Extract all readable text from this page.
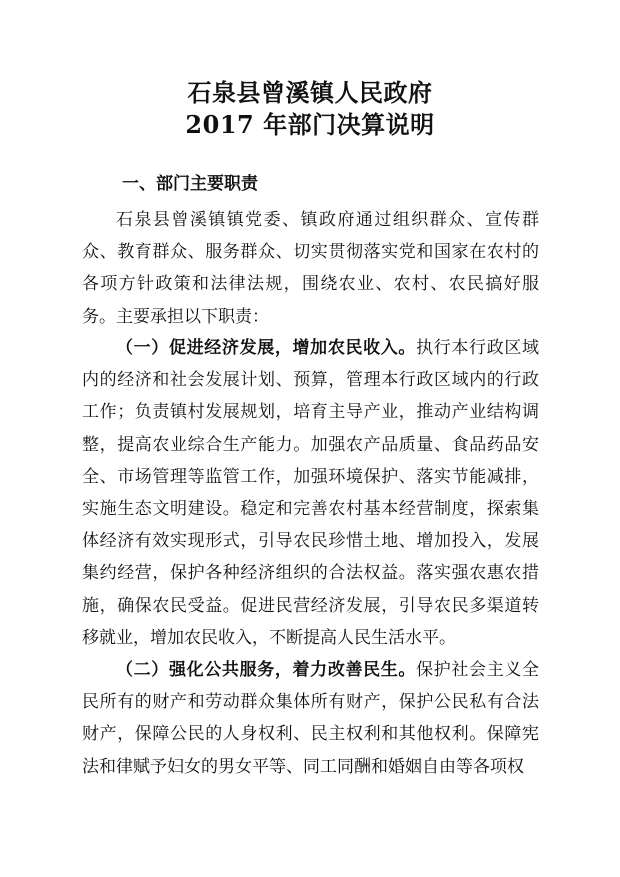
石泉县曾溪镇人民政府
2017 年部门决算说明
一、部门主要职责

石泉县曾溪镇镇党委、镇政府通过组织群众、宣传群众、教育群众、服务群众、切实贯彻落实党和国家在农村的各项方针政策和法律法规，围绕农业、农村、农民搞好服务。主要承担以下职责：

（一）促进经济发展，增加农民收入。执行本行政区域内的经济和社会发展计划、预算，管理本行政区域内的行政工作；负责镇村发展规划，培育主导产业，推动产业结构调整，提高农业综合生产能力。加强农产品质量、食品药品安全、市场管理等监管工作，加强环境保护、落实节能减排，实施生态文明建设。稳定和完善农村基本经营制度，探索集体经济有效实现形式，引导农民珍惜土地、增加投入，发展集约经营，保护各种经济组织的合法权益。落实强农惠农措施，确保农民受益。促进民营经济发展，引导农民多渠道转移就业，增加农民收入，不断提高人民生活水平。

（二）强化公共服务，着力改善民生。保护社会主义全民所有的财产和劳动群众集体所有财产，保护公民私有合法财产，保障公民的人身权利、民主权利和其他权利。保障宪法和律赋予妇女的男女平等、同工同酬和婚姻自由等各项权
